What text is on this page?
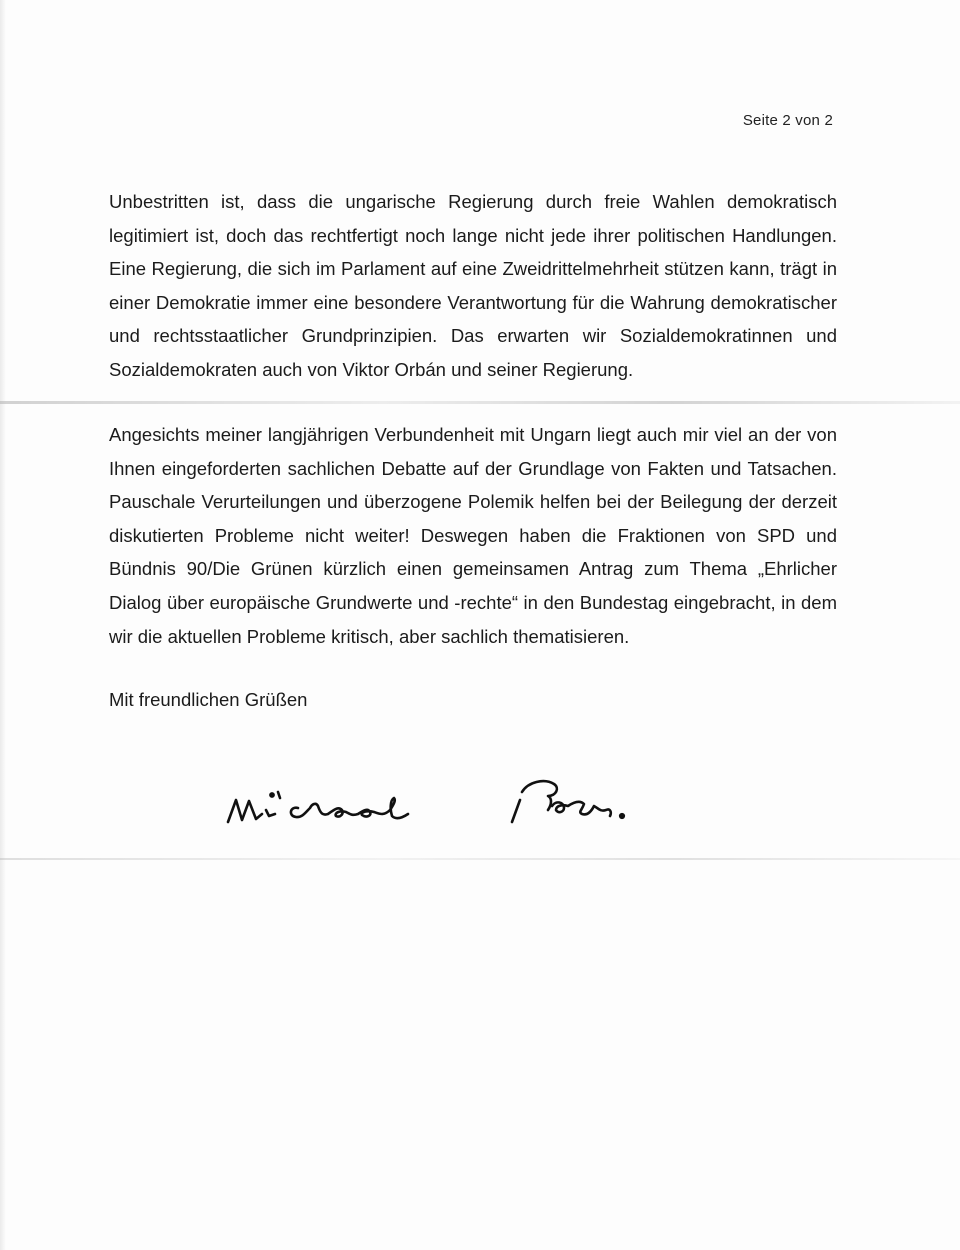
Seite 2 von 2

Unbestritten ist, dass die ungarische Regierung durch freie Wahlen demokratisch legitimiert ist, doch das rechtfertigt noch lange nicht jede ihrer politischen Handlungen. Eine Regierung, die sich im Parlament auf eine Zweidrittelmehrheit stützen kann, trägt in einer Demokratie immer eine besondere Verantwortung für die Wahrung demokratischer und rechtsstaatlicher Grundprinzipien. Das erwarten wir Sozialdemokratinnen und Sozialdemokraten auch von Viktor Orbán und seiner Regierung.

Angesichts meiner langjährigen Verbundenheit mit Ungarn liegt auch mir viel an der von Ihnen eingeforderten sachlichen Debatte auf der Grundlage von Fakten und Tatsachen. Pauschale Verurteilungen und überzogene Polemik helfen bei der Beilegung der derzeit diskutierten Probleme nicht weiter! Deswegen haben die Fraktionen von SPD und Bündnis 90/Die Grünen kürzlich einen gemeinsamen Antrag zum Thema „Ehrlicher Dialog über europäische Grundwerte und -rechte“ in den Bundestag eingebracht, in dem wir die aktuellen Probleme kritisch, aber sachlich thematisieren.

Mit freundlichen Grüßen
